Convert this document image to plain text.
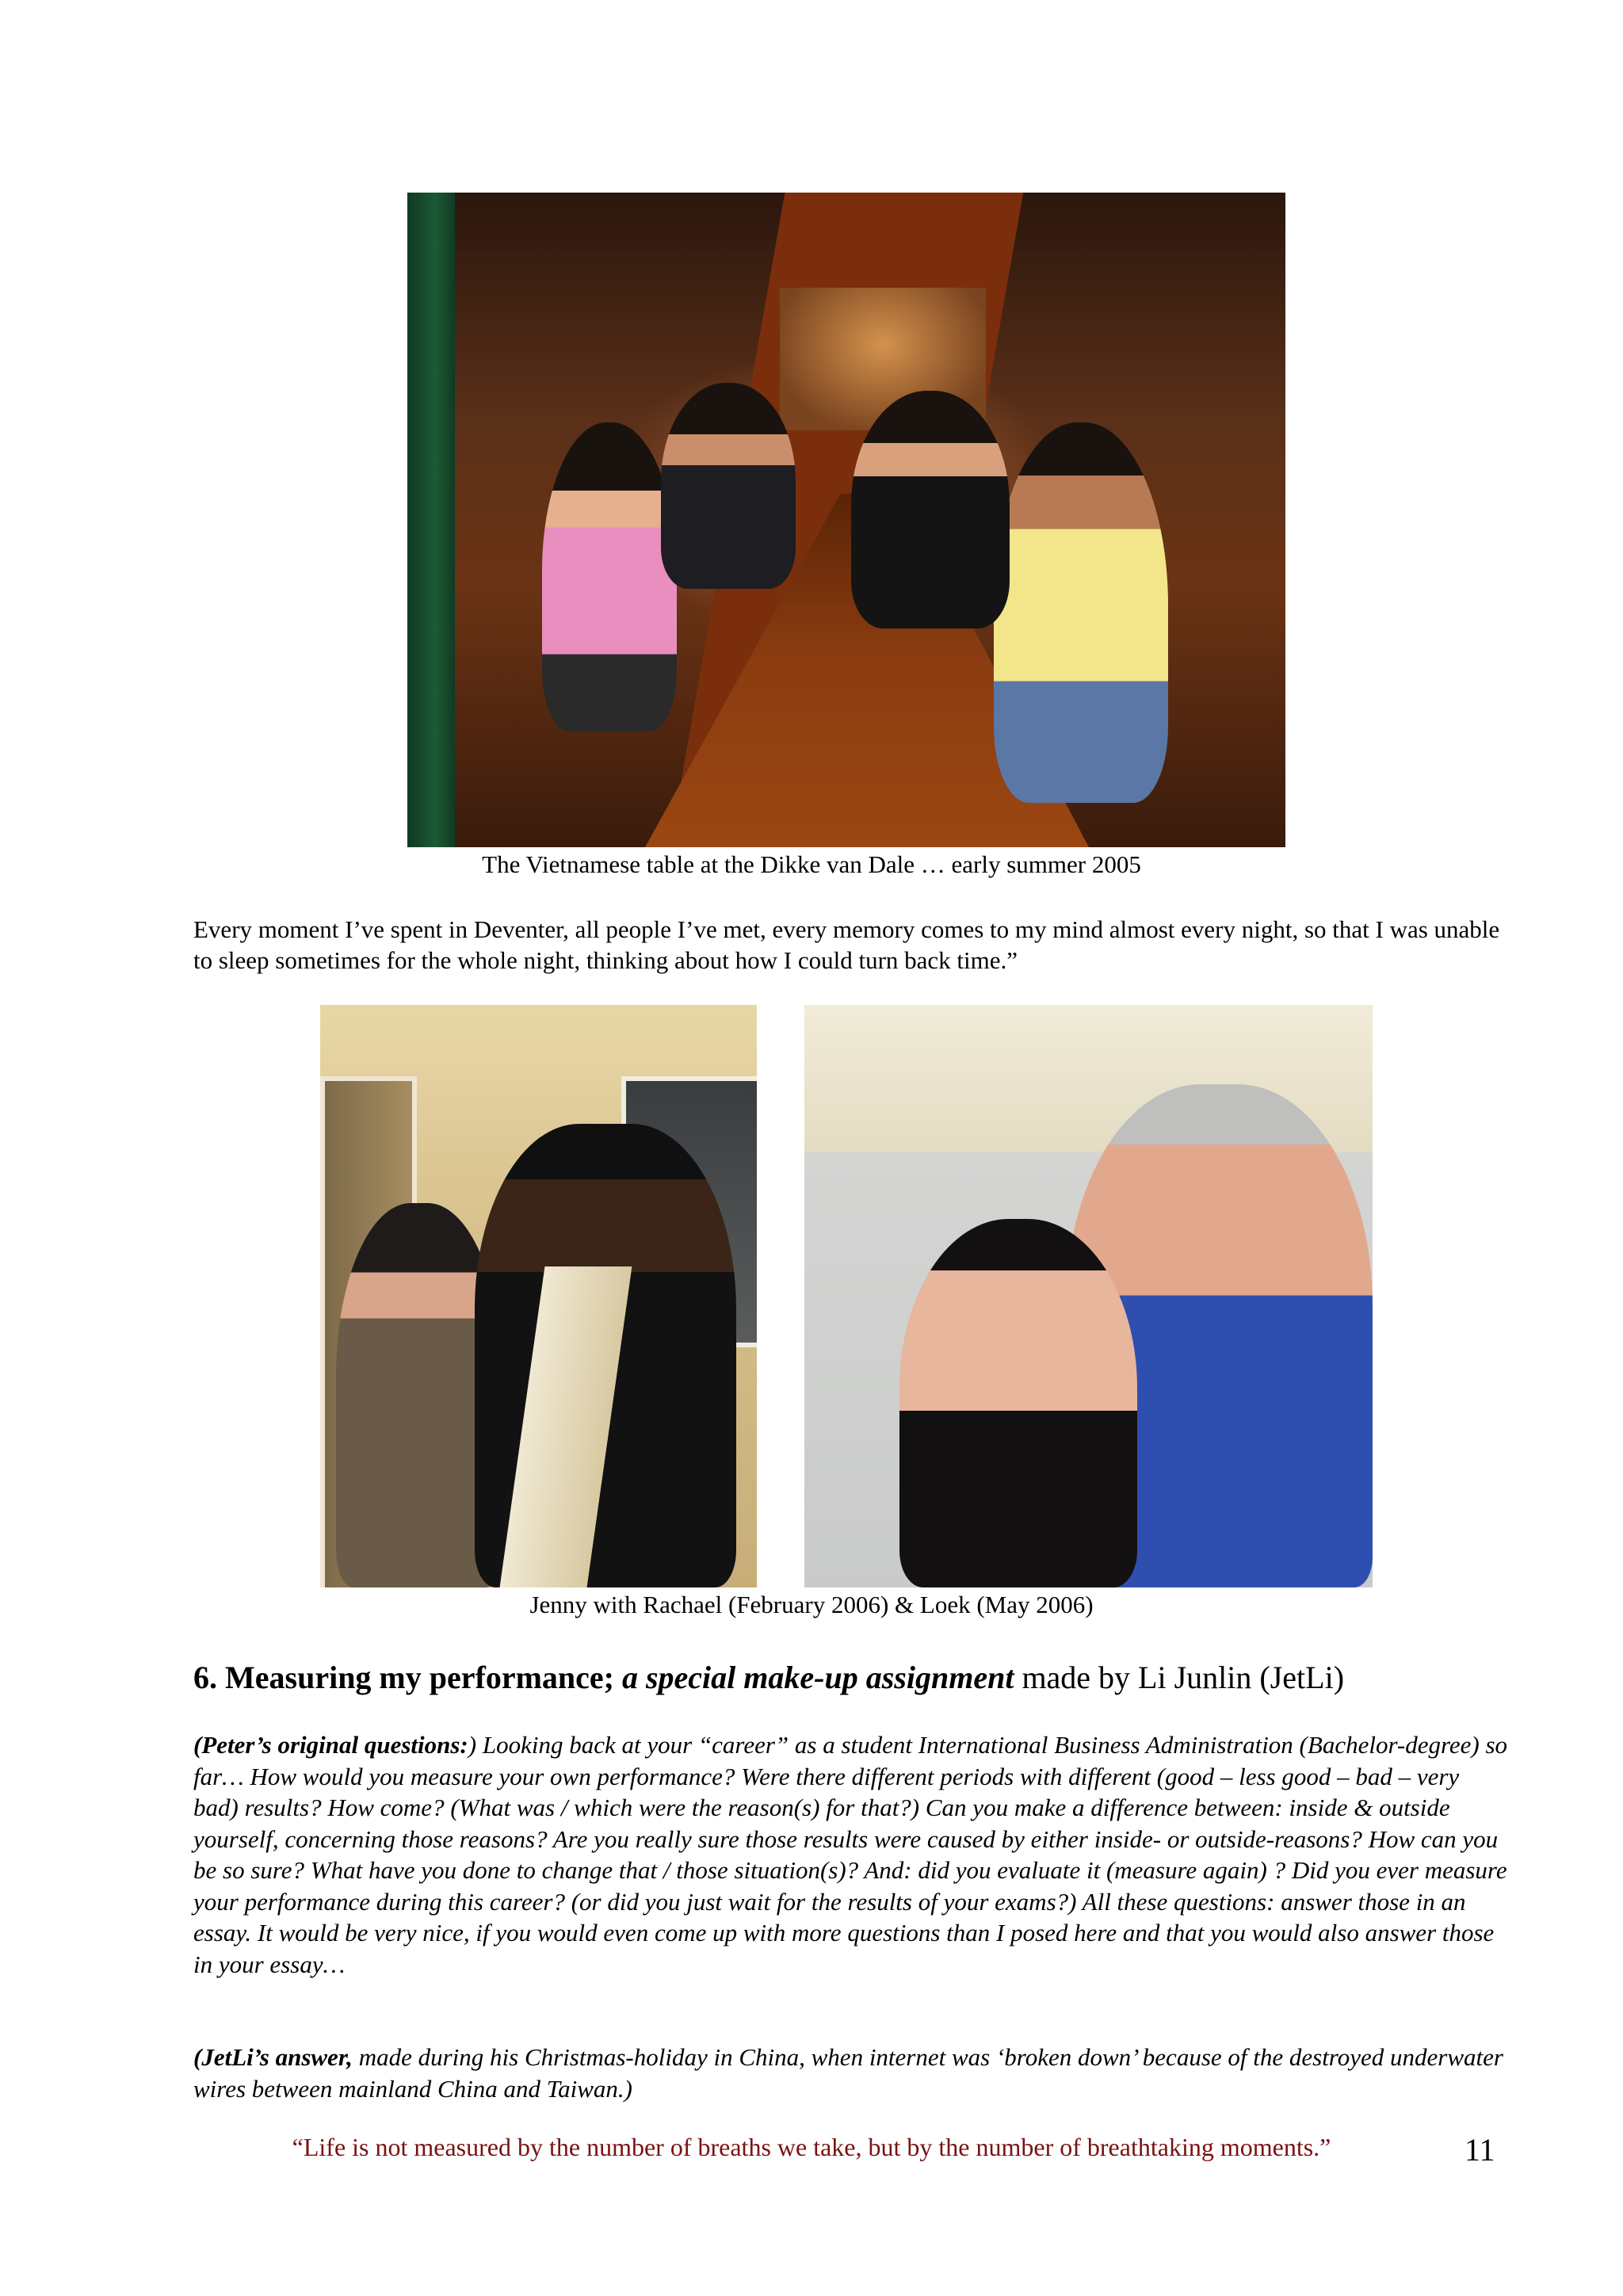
The Vietnamese table at the Dikke van Dale … early summer 2005
Every moment I’ve spent in Deventer, all people I’ve met, every memory comes to my mind almost every night, so that I was unable to sleep sometimes for the whole night, thinking about how I could turn back time.”
Jenny with Rachael (February 2006) & Loek (May 2006)
6. Measuring my performance; a special make-up assignment made by Li Junlin (JetLi)
(Peter’s original questions:) Looking back at your “career” as a student International Business Administration (Bachelor-degree) so far… How would you measure your own performance? Were there different periods with different (good – less good – bad – very bad) results? How come? (What was / which were the reason(s) for that?) Can you make a difference between: inside & outside yourself, concerning those reasons? Are you really sure those results were caused by either inside- or outside-reasons? How can you be so sure? What have you done to change that / those situation(s)? And: did you evaluate it (measure again) ? Did you ever measure your performance during this career? (or did you just wait for the results of your exams?) All these questions: answer those in an essay. It would be very nice, if you would even come up with more questions than I posed here and that you would also answer those in your essay…
(JetLi’s answer, made during his Christmas-holiday in China, when internet was ‘broken down’ because of the destroyed underwater wires between mainland China and Taiwan.)
“Life is not measured by the number of breaths we take, but by the number of breathtaking moments.”	11
